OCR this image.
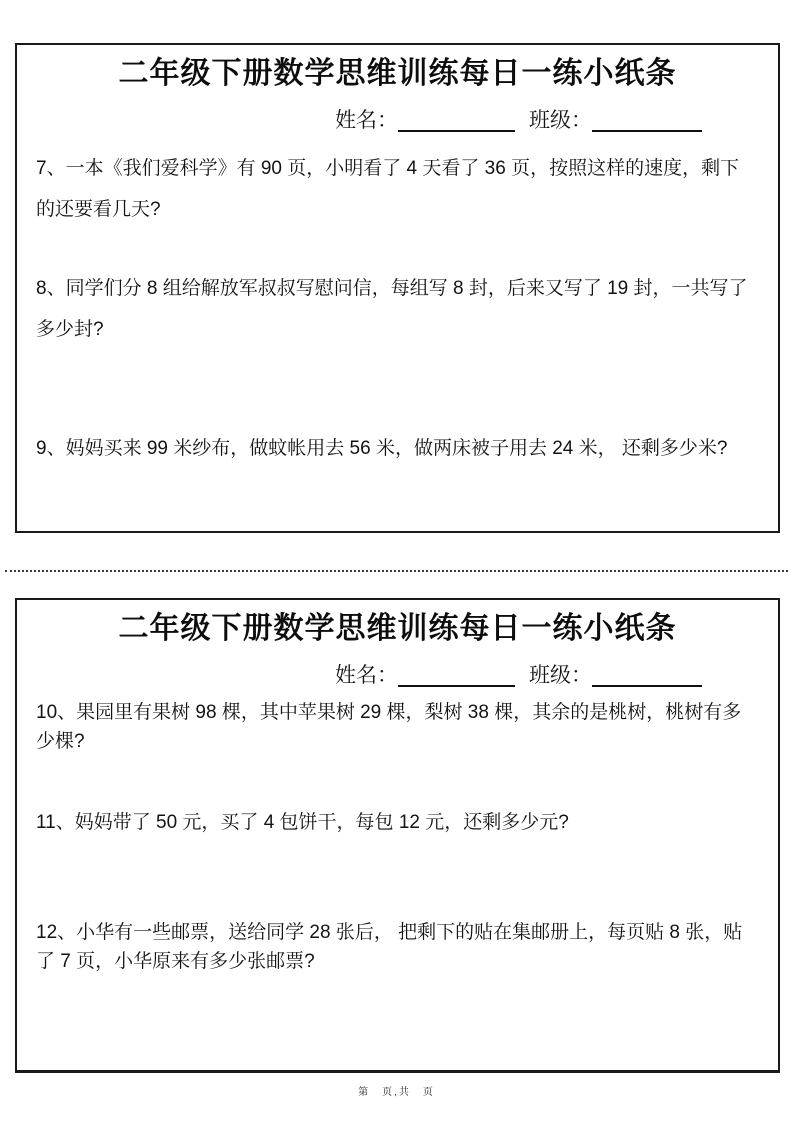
二年级下册数学思维训练每日一练小纸条
姓名：	班级：

7、一本《我们爱科学》有 90 页，小明看了 4 天看了 36 页，按照这样的速度，剩下的还要看几天?

8、同学们分 8 组给解放军叔叔写慰问信，每组写 8 封，后来又写了 19 封，一共写了多少封?

9、妈妈买来 99 米纱布，做蚊帐用去 56 米，做两床被子用去 24 米， 还剩多少米?

二年级下册数学思维训练每日一练小纸条
姓名：	班级：

10、果园里有果树 98 棵，其中苹果树 29 棵，梨树 38 棵，其余的是桃树，桃树有多少棵?

11、妈妈带了 50 元，买了 4 包饼干，每包 12 元，还剩多少元?

12、小华有一些邮票，送给同学 28 张后， 把剩下的贴在集邮册上，每页贴 8 张，贴了 7 页，小华原来有多少张邮票?

第　页,共　页
